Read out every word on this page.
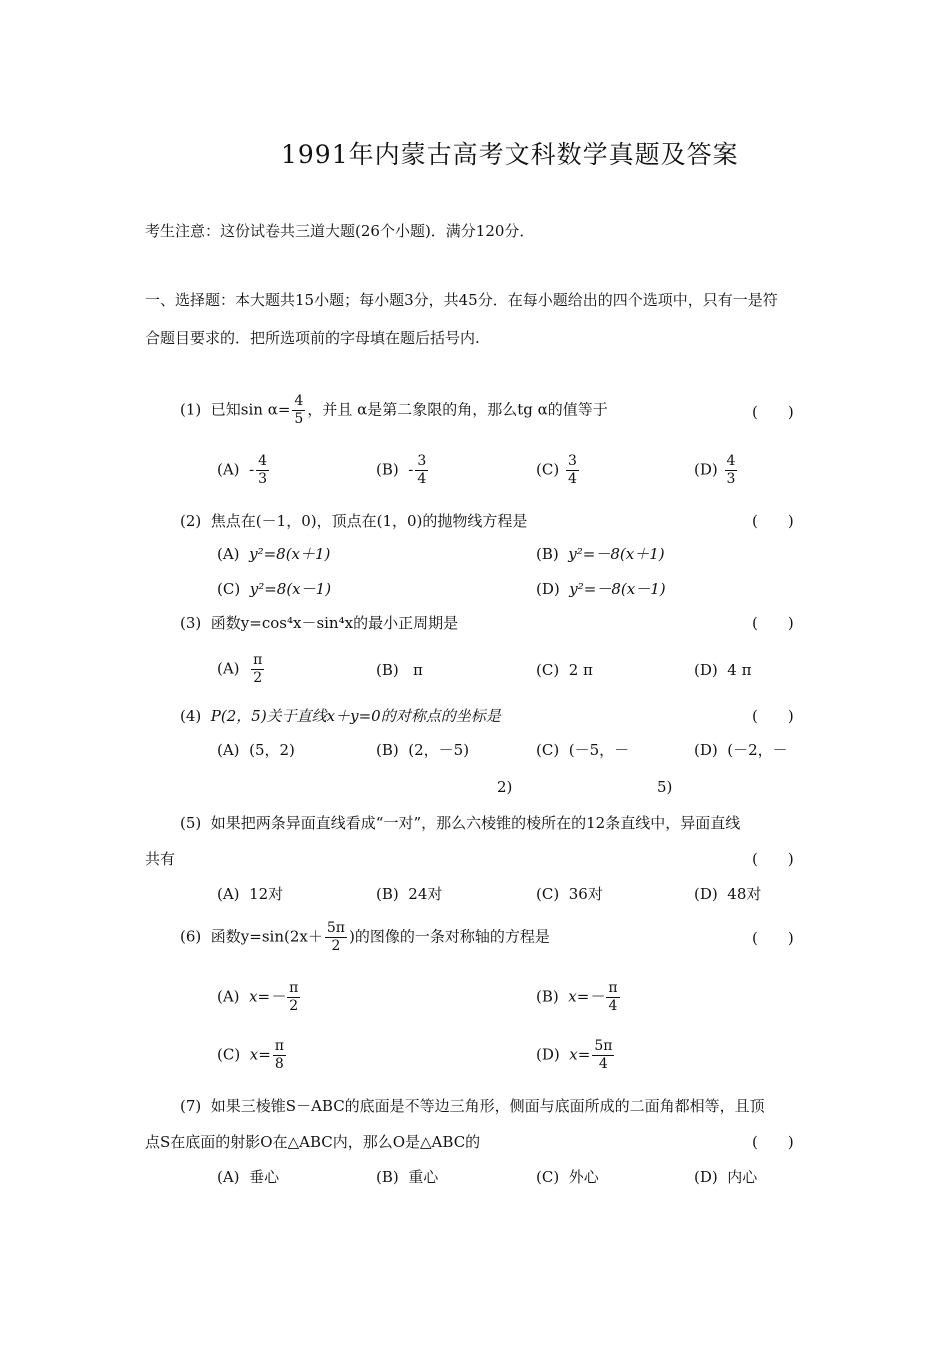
1991年内蒙古高考文科数学真题及答案
考生注意：这份试卷共三道大题(26个小题)．满分120分．
一、选择题：本大题共15小题；每小题3分，共45分．在每小题给出的四个选项中，只有一是符
合题目要求的．把所选项前的字母填在题后括号内.
(1) 已知$\sin \alpha= \frac{4}{5}$ ，并且 α是第二象限的角，那么tg α的值等于	(　　)
$(A) - \frac{4}{3}$	$(B) - \frac{3}{4}$	$(C) \frac{3}{4}$	$(D) \frac{4}{3}$
(2) 焦点在(－1，0)，顶点在(1，0)的抛物线方程是	(　　)
(A) y²=8(x＋1)	(B) y²=－8(x＋1)
(C) y²=8(x－1)	(D) y²=－8(x－1)
(3) 函数y=cos⁴x－sin⁴x的最小正周期是	(　　)
$(A) \frac{\pi}{2}$	(B) π	(C) 2 π	(D) 4 π
(4) P(2，5)关于直线x＋y=0的对称点的坐标是	(　　)
(A) (5，2)	(B) (2，－5)	(C) (－5，－	(D) (－2，－
2)	5)
(5) 如果把两条异面直线看成“一对”，那么六棱锥的棱所在的12条直线中，异面直线
共有	(　　)
(A) 12对	(B) 24对	(C) 36对	(D) 48对
(6) 函数$y=\sin(2x+ \frac{5\pi}{2}$ )的图像的一条对称轴的方程是	(　　)
(A) $x=- \frac{\pi}{2}$	(B) $x=- \frac{\pi}{4}$
(C) $x= \frac{\pi}{8}$	(D) $x= \frac{5\pi}{4}$
(7) 如果三棱锥S－ABC的底面是不等边三角形，侧面与底面所成的二面角都相等，且顶
点S在底面的射影O在△ABC内，那么O是△ABC的	(　　)
(A) 垂心	(B) 重心	(C) 外心	(D) 内心
